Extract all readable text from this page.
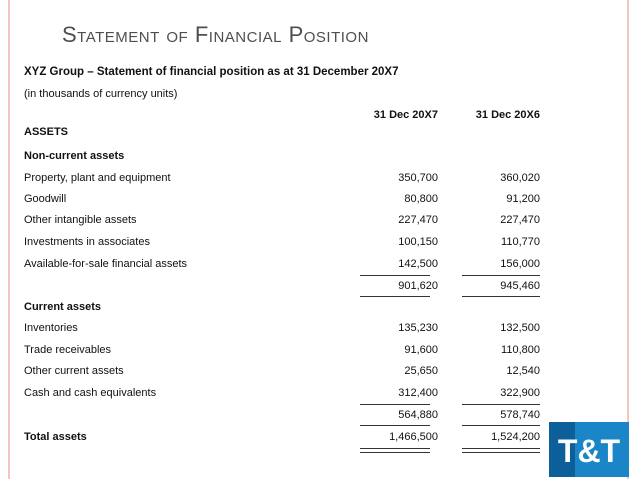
Statement of Financial Position
XYZ Group – Statement of financial position as at 31 December 20X7
(in thousands of currency units)
31 Dec 20X7	31 Dec 20X6
ASSETS
Non-current assets
Property, plant and equipment	350,700	360,020
Goodwill	80,800	91,200
Other intangible assets	227,470	227,470
Investments in associates	100,150	110,770
Available-for-sale financial assets	142,500	156,000
901,620	945,460
Current assets
Inventories	135,230	132,500
Trade receivables	91,600	110,800
Other current assets	25,650	12,540
Cash and cash equivalents	312,400	322,900
564,880	578,740
Total assets	1,466,500	1,524,200 T&T
